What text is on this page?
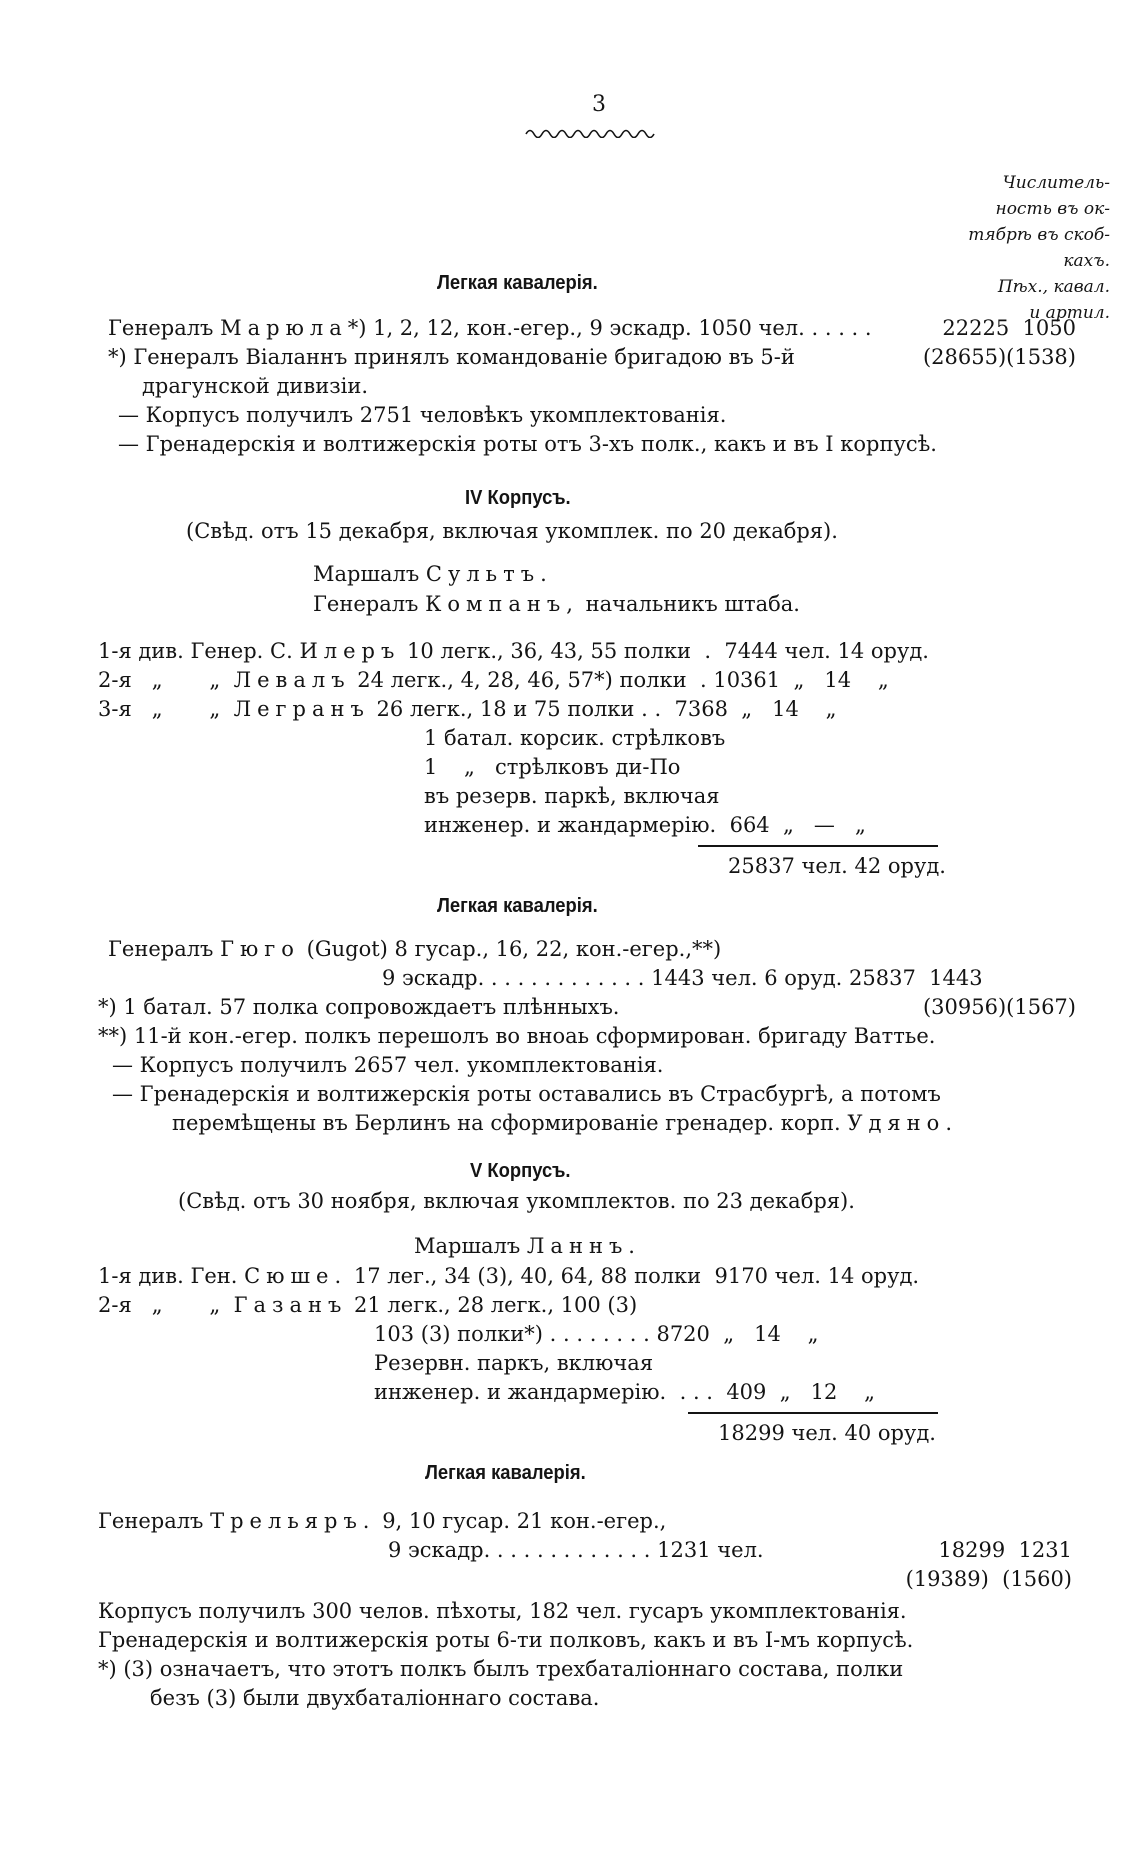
3
Числитель-
ность въ ок-
тябрѣ въ скоб-
кахъ.
Пѣх., кавал.
и артил.
Легкая кавалерія.
Генералъ Марюла*) 1, 2, 12, кон.-егер., 9 эскадр. 1050 чел. . . . . .	22225  1050
*) Генералъ Віаланнъ принялъ командованіе бригадою въ 5-й	(28655)(1538)
драгунской дивизіи.
— Корпусъ получилъ 2751 человѣкъ укомплектованія.
— Гренадерскія и волтижерскія роты отъ 3-хъ полк., какъ и въ I корпусѣ.
IV Корпусъ.
(Свѣд. отъ 15 декабря, включая укомплек. по 20 декабря).
Маршалъ Сультъ.
Генералъ Компанъ, начальникъ штаба.
1-я див. Генер. С. Илеръ 10 легк., 36, 43, 55 полки  .  7444 чел. 14 оруд.
2-я   „       „ Левалъ 24 легк., 4, 28, 46, 57*) полки  . 10361  „   14    „
3-я   „       „ Легранъ 26 легк., 18 и 75 полки . .  7368  „   14    „
1 батал. корсик. стрѣлковъ
1    „   стрѣлковъ ди-По
въ резерв. паркѣ, включая
инженер. и жандармерію.  664  „   —   „
25837 чел. 42 оруд.
Легкая кавалерія.
Генералъ Гюго (Gugot) 8 гусар., 16, 22, кон.-егер.,**)
9 эскадр. . . . . . . . . . . . . 1443 чел. 6 оруд. 25837  1443
*) 1 батал. 57 полка сопровождаетъ плѣнныхъ.	(30956)(1567)
**) 11-й кон.-егер. полкъ перешолъ во вноаь сформирован. бригаду Ваттье.
— Корпусъ получилъ 2657 чел. укомплектованія.
— Гренадерскія и волтижерскія роты оставались въ Страсбургѣ, а потомъ
перемѣщены въ Берлинъ на сформированіе гренадер. корп. Удяно.
V Корпусъ.
(Свѣд. отъ 30 ноября, включая укомплектов. по 23 декабря).
Маршалъ Ланнъ.
1-я див. Ген. Сюше. 17 лег., 34 (3), 40, 64, 88 полки  9170 чел. 14 оруд.
2-я   „       „ Газанъ 21 легк., 28 легк., 100 (3)
103 (3) полки*) . . . . . . . . 8720  „   14    „
Резервн. паркъ, включая
инженер. и жандармерію.  . . .  409  „   12    „
18299 чел. 40 оруд.
Легкая кавалерія.
Генералъ Трельяръ. 9, 10 гусар. 21 кон.-егер.,
9 эскадр. . . . . . . . . . . . . 1231 чел.	18299  1231
(19389)  (1560)
Корпусъ получилъ 300 челов. пѣхоты, 182 чел. гусаръ укомплектованія.
Гренадерскія и волтижерскія роты 6-ти полковъ, какъ и въ I-мъ корпусѣ.
*) (3) означаетъ, что этотъ полкъ былъ трехбаталіоннаго состава, полки
безъ (3) были двухбаталіоннаго состава.
